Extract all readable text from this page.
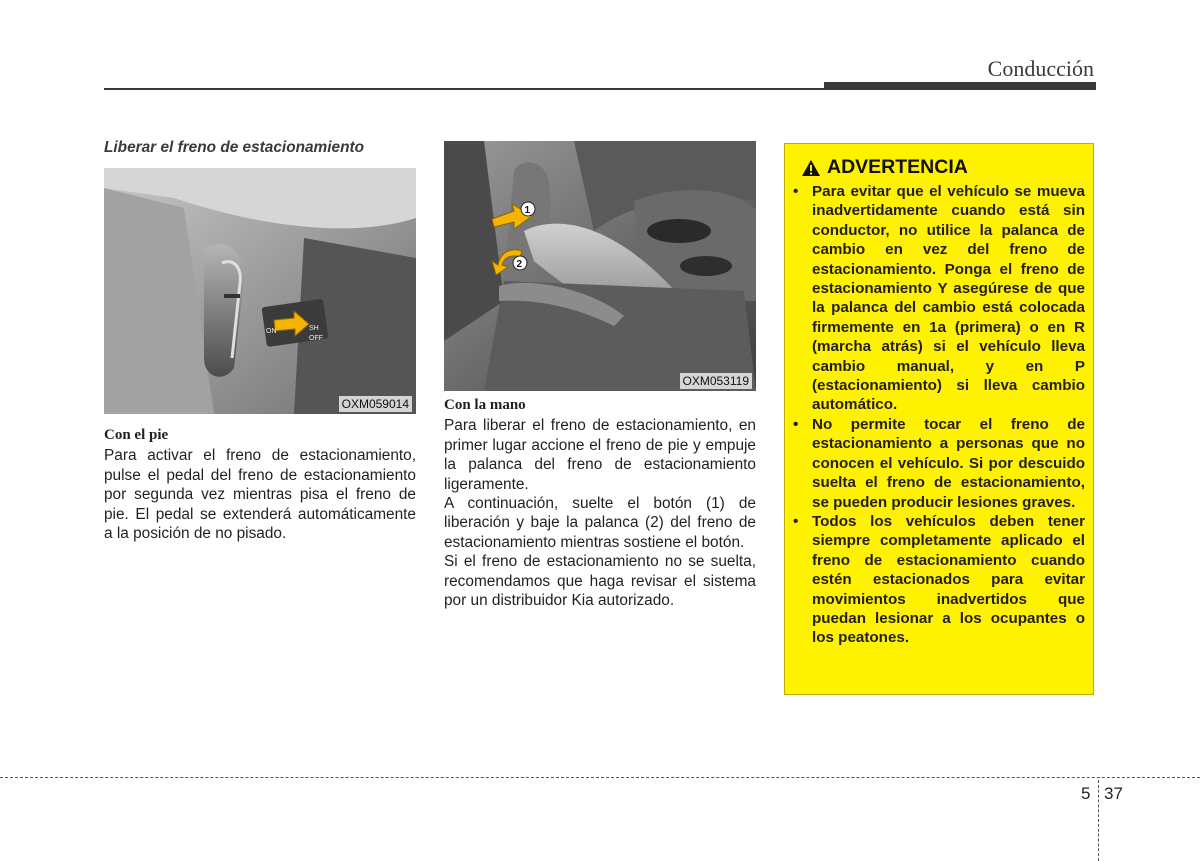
Conducción
Liberar el freno de estacionamiento
ON
OFF
SH
OXM059014
1
2
OXM053119
Con el pie

Para activar el freno de estacionamiento, pulse el pedal del freno de estacionamiento por segunda vez mientras pisa el freno de pie. El pedal se extenderá automáticamente a la posición de no pisado.

Con la mano

Para liberar el freno de estacionamiento, en primer lugar accione el freno de pie y empuje la palanca del freno de estacionamiento ligeramente.

A continuación, suelte el botón (1) de liberación y baje la palanca (2) del freno de estacionamiento mientras sostiene el botón.

Si el freno de estacionamiento no se suelta, recomendamos que haga revisar el sistema por un distribuidor Kia autorizado.

ADVERTENCIA
• Para evitar que el vehículo se mueva inadvertidamente cuando está sin conductor, no utilice la palanca de cambio en vez del freno de estacionamiento. Ponga el freno de estacionamiento Y asegúrese de que la palanca del cambio está colocada firmemente en 1a (primera) o en R (marcha atrás) si el vehículo lleva cambio manual, y en P (estacionamiento) si lleva cambio automático.
• No permite tocar el freno de estacionamiento a personas que no conocen el vehículo. Si por descuido suelta el freno de estacionamiento, se pueden producir lesiones graves.
• Todos los vehículos deben tener siempre completamente aplicado el freno de estacionamiento cuando estén estacionados para evitar movimientos inadvertidos que puedan lesionar a los ocupantes o los peatones.
5 37
